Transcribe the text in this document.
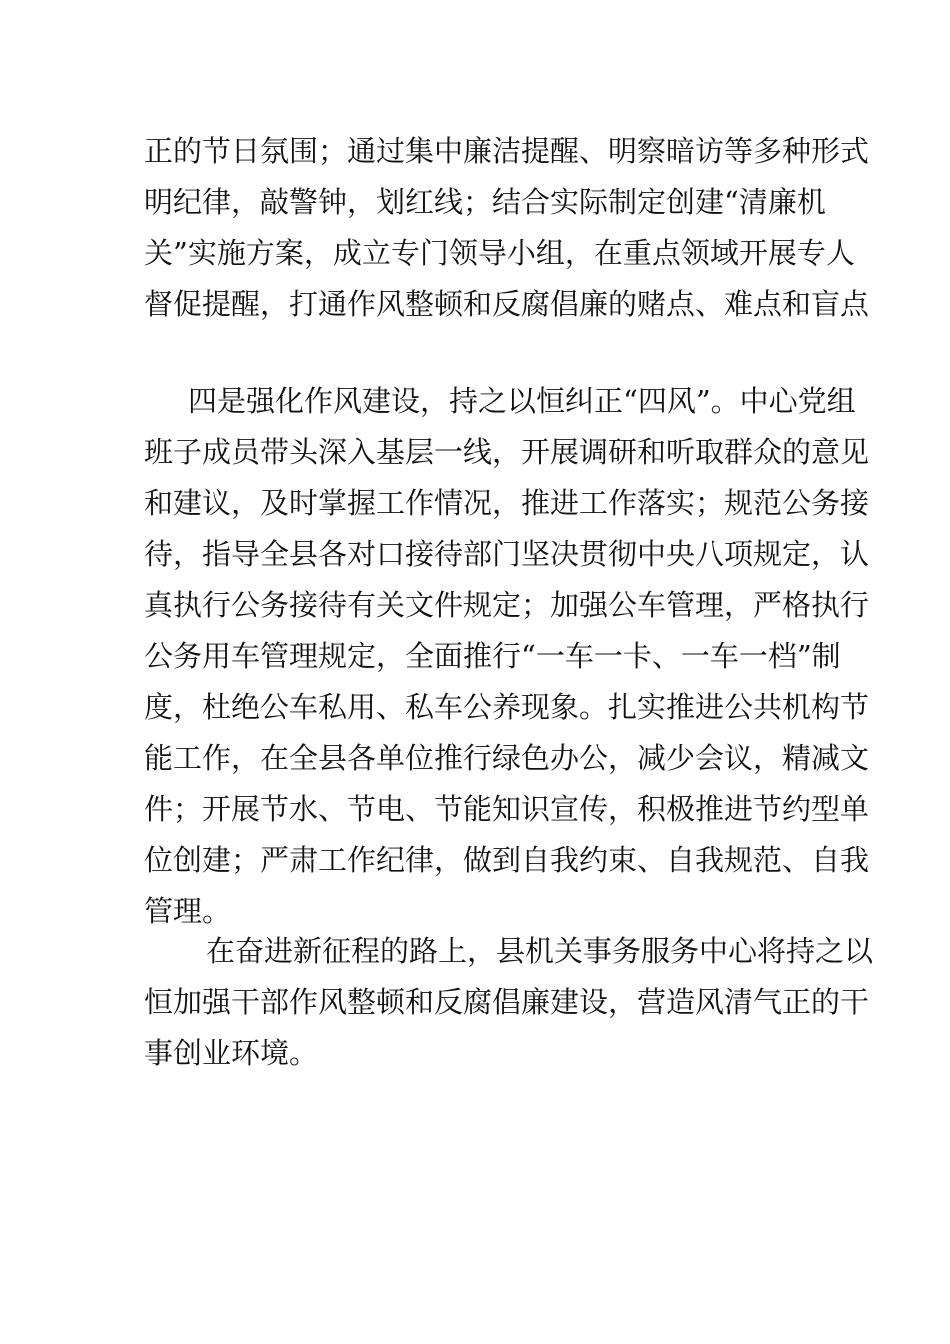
正的节日氛围；通过集中廉洁提醒、明察暗访等多种形式
明纪律，敲警钟，划红线；结合实际制定创建“清廉机
关”实施方案，成立专门领导小组，在重点领域开展专人
督促提醒，打通作风整顿和反腐倡廉的赌点、难点和盲点
四是强化作风建设，持之以恒纠正“四风”。中心党组
班子成员带头深入基层一线，开展调研和听取群众的意见
和建议，及时掌握工作情况，推进工作落实；规范公务接
待，指导全县各对口接待部门坚决贯彻中央八项规定，认
真执行公务接待有关文件规定；加强公车管理，严格执行
公务用车管理规定，全面推行“一车一卡、一车一档”制
度，杜绝公车私用、私车公养现象。扎实推进公共机构节
能工作，在全县各单位推行绿色办公，减少会议，精减文
件；开展节水、节电、节能知识宣传，积极推进节约型单
位创建；严肃工作纪律，做到自我约束、自我规范、自我
管理。
在奋进新征程的路上，县机关事务服务中心将持之以
恒加强干部作风整顿和反腐倡廉建设，营造风清气正的干
事创业环境。
